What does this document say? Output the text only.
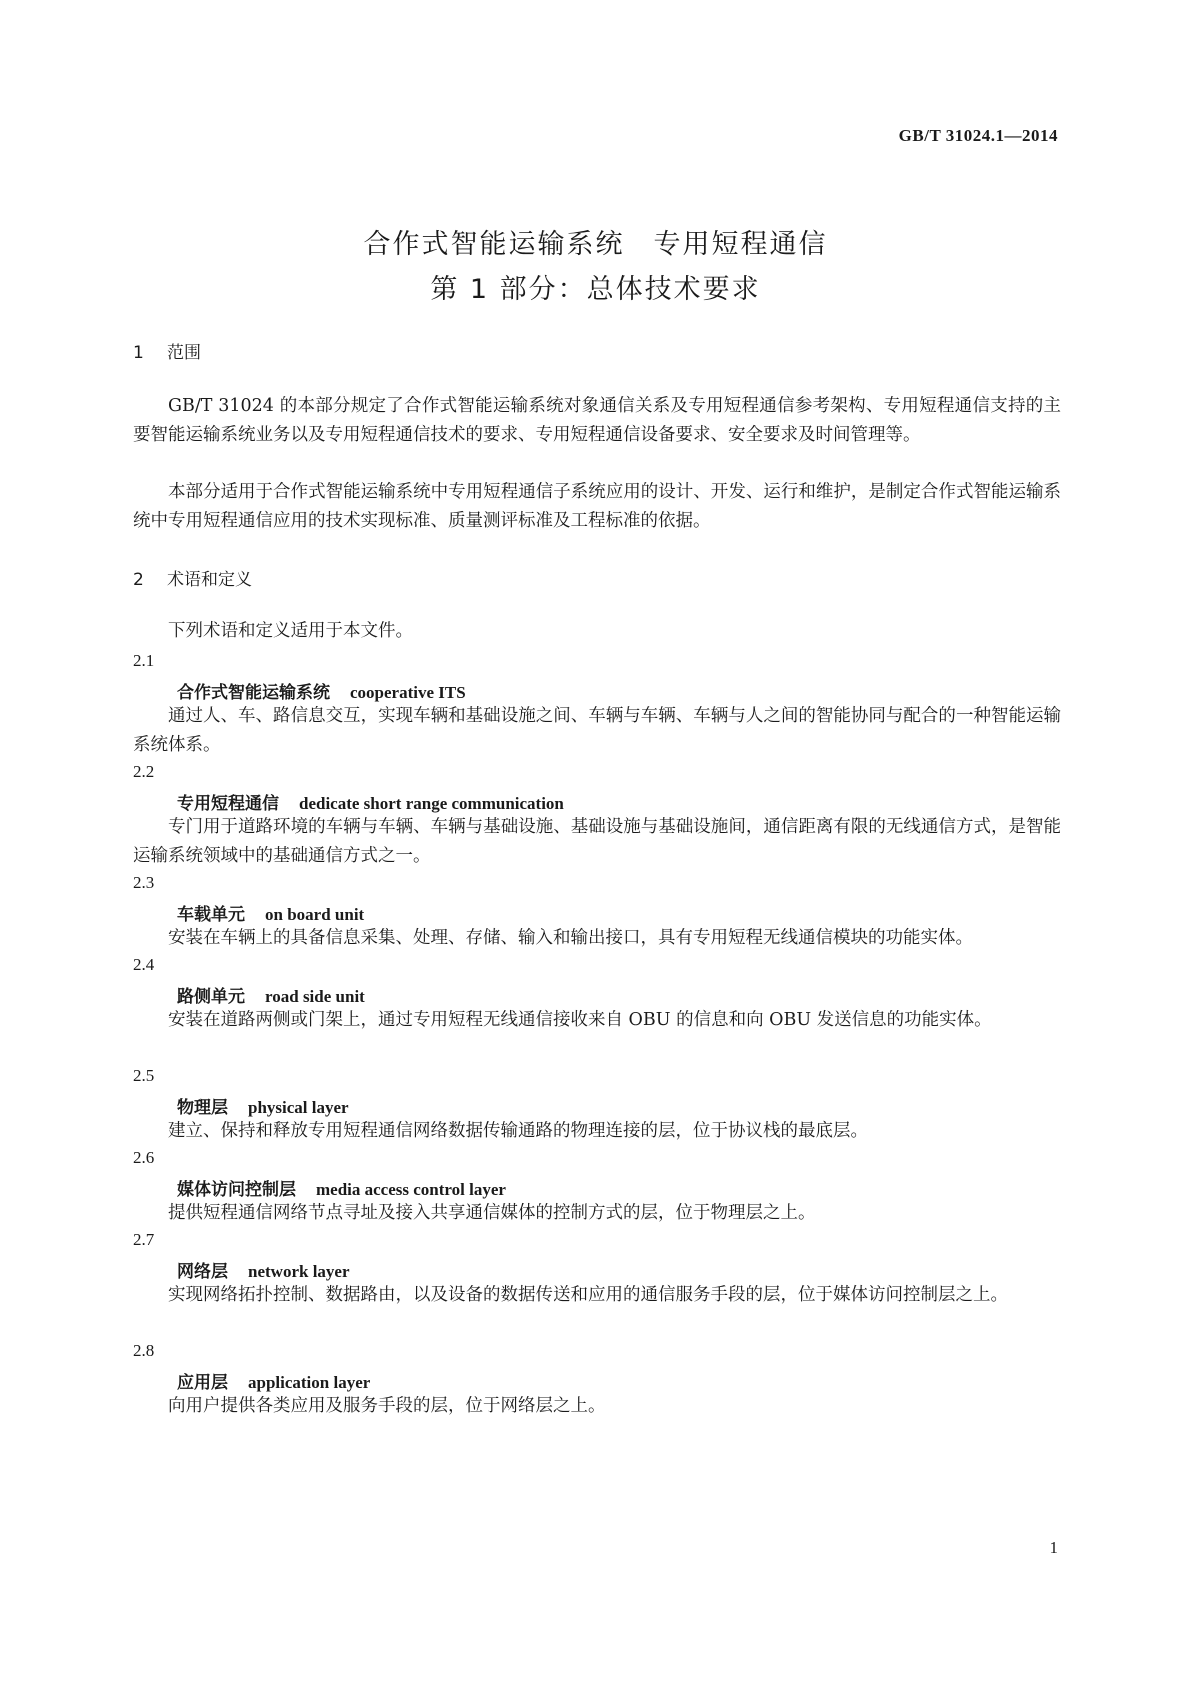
GB/T 31024.1—2014
合作式智能运输系统　专用短程通信
第 1 部分：总体技术要求
1 范围

GB/T 31024 的本部分规定了合作式智能运输系统对象通信关系及专用短程通信参考架构、专用短程通信支持的主要智能运输系统业务以及专用短程通信技术的要求、专用短程通信设备要求、安全要求及时间管理等。

本部分适用于合作式智能运输系统中专用短程通信子系统应用的设计、开发、运行和维护，是制定合作式智能运输系统中专用短程通信应用的技术实现标准、质量测评标准及工程标准的依据。

2 术语和定义

下列术语和定义适用于本文件。

2.1
合作式智能运输系统 cooperative ITS

通过人、车、路信息交互，实现车辆和基础设施之间、车辆与车辆、车辆与人之间的智能协同与配合的一种智能运输系统体系。

2.2
专用短程通信 dedicate short range communication

专门用于道路环境的车辆与车辆、车辆与基础设施、基础设施与基础设施间，通信距离有限的无线通信方式，是智能运输系统领域中的基础通信方式之一。

2.3
车载单元 on board unit

安装在车辆上的具备信息采集、处理、存储、输入和输出接口，具有专用短程无线通信模块的功能实体。

2.4
路侧单元 road side unit

安装在道路两侧或门架上，通过专用短程无线通信接收来自 OBU 的信息和向 OBU 发送信息的功能实体。

2.5
物理层 physical layer

建立、保持和释放专用短程通信网络数据传输通路的物理连接的层，位于协议栈的最底层。

2.6
媒体访问控制层 media access control layer

提供短程通信网络节点寻址及接入共享通信媒体的控制方式的层，位于物理层之上。

2.7
网络层 network layer

实现网络拓扑控制、数据路由，以及设备的数据传送和应用的通信服务手段的层，位于媒体访问控制层之上。

2.8
应用层 application layer

向用户提供各类应用及服务手段的层，位于网络层之上。

1
